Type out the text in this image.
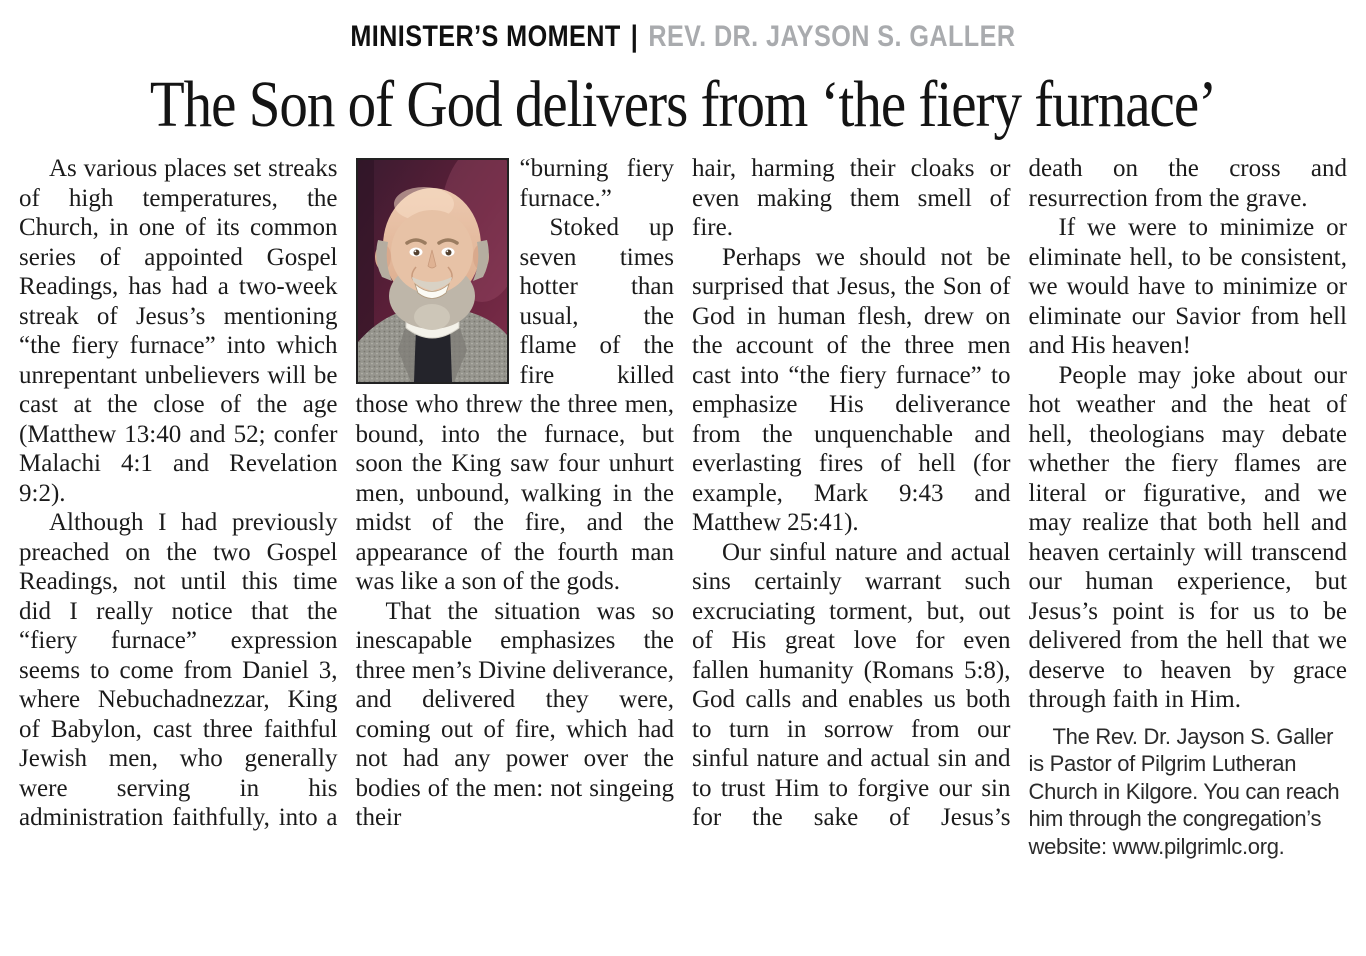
MINISTER’S MOMENT | REV. DR. JAYSON S. GALLER
The Son of God delivers from ‘the fiery furnace’

As various places set streaks of high temperatures, the Church, in one of its common series of appointed Gospel Readings, has had a two-week streak of Jesus’s mentioning “the fiery furnace” into which unrepentant unbelievers will be cast at the close of the age (Matthew 13:40 and 52; confer Malachi 4:1 and Revelation 9:2).

Although I had previously preached on the two Gospel Readings, not until this time did I really notice that the “fiery furnace” expression seems to come from Daniel 3, where Nebuchadnezzar, King of Babylon, cast three faithful Jewish men, who generally were serving in his administration faithfully, into a

“burning fiery furnace.”

Stoked up seven times hotter than usual, the flame of the fire killed those who threw the three men, bound, into the furnace, but soon the King saw four unhurt men, unbound, walking in the midst of the fire, and the appearance of the fourth man was like a son of the gods.

That the situation was so inescapable emphasizes the three men’s Divine deliverance, and delivered they were, coming out of fire, which had not had any power over the bodies of the men: not singeing their

hair, harming their cloaks or even making them smell of fire.

Perhaps we should not be surprised that Jesus, the Son of God in human flesh, drew on the account of the three men cast into “the fiery furnace” to emphasize His deliverance from the unquenchable and everlasting fires of hell (for example, Mark 9:43 and Matthew 25:41).

Our sinful nature and actual sins certainly warrant such excruciating torment, but, out of His great love for even fallen humanity (Romans 5:8), God calls and enables us both to turn in sorrow from our sinful nature and actual sin and to trust Him to forgive our sin for the sake of Jesus’s

death on the cross and resurrection from the grave.

If we were to minimize or eliminate hell, to be consistent, we would have to minimize or eliminate our Savior from hell and His heaven!

People may joke about our hot weather and the heat of hell, theologians may debate whether the fiery flames are literal or figurative, and we may realize that both hell and heaven certainly will transcend our human experience, but Jesus’s point is for us to be delivered from the hell that we deserve to heaven by grace through faith in Him.

The Rev. Dr. Jayson S. Galler is Pastor of Pilgrim Lutheran Church in Kilgore. You can reach him through the congregation’s website: www.pilgrimlc.org.
